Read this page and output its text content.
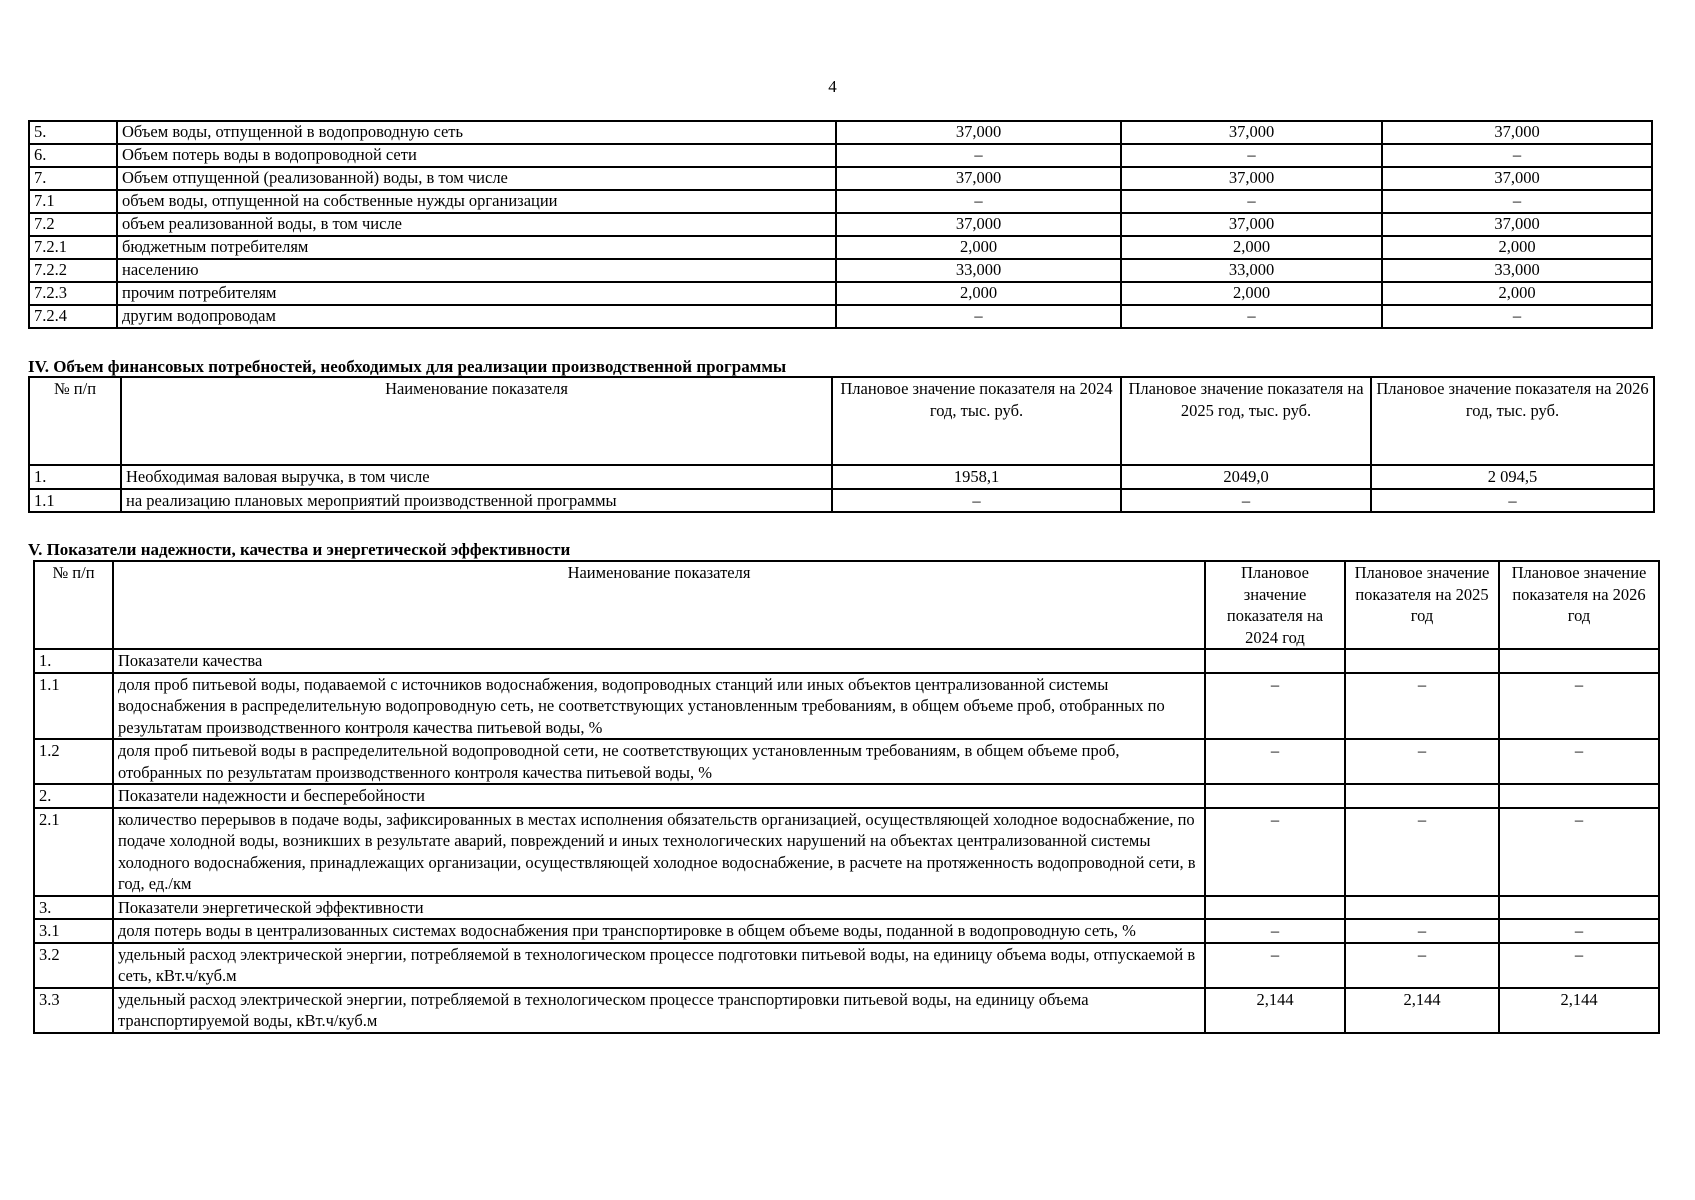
4
5.	Объем воды, отпущенной в водопроводную сеть	37,000	37,000	37,000
6.	Объем потерь воды в водопроводной сети	–	–	–
7.	Объем отпущенной (реализованной) воды, в том числе	37,000	37,000	37,000
7.1	объем воды, отпущенной на собственные нужды организации	–	–	–
7.2	объем реализованной воды, в том числе	37,000	37,000	37,000
7.2.1	бюджетным потребителям	2,000	2,000	2,000
7.2.2	населению	33,000	33,000	33,000
7.2.3	прочим потребителям	2,000	2,000	2,000
7.2.4	другим водопроводам	–	–	–
IV. Объем финансовых потребностей, необходимых для реализации производственной программы
№ п/п	Наименование показателя	Плановое значение показателя на 2024 год, тыс. руб.	Плановое значение показателя на 2025 год, тыс. руб.	Плановое значение показателя на 2026 год, тыс. руб.
1.	Необходимая валовая выручка, в том числе	1958,1	2049,0	2 094,5
1.1	на реализацию плановых мероприятий производственной программы	–	–	–
V. Показатели надежности, качества и энергетической эффективности
№ п/п	Наименование показателя	Плановое значение показателя на 2024 год	Плановое значение показателя на 2025 год	Плановое значение показателя на 2026 год
1.	Показатели качества			
1.1	доля проб питьевой воды, подаваемой с источников водоснабжения, водопроводных станций или иных объектов централизованной системы водоснабжения в распределительную водопроводную сеть, не соответствующих установленным требованиям, в общем объеме проб, отобранных по результатам производственного контроля качества питьевой воды, %	–	–	–
1.2	доля проб питьевой воды в распределительной водопроводной сети, не соответствующих установленным требованиям, в общем объеме проб, отобранных по результатам производственного контроля качества питьевой воды, %	–	–	–
2.	Показатели надежности и бесперебойности			
2.1	количество перерывов в подаче воды, зафиксированных в местах исполнения обязательств организацией, осуществляющей холодное водоснабжение, по подаче холодной воды, возникших в результате аварий, повреждений и иных технологических нарушений на объектах централизованной системы холодного водоснабжения, принадлежащих организации, осуществляющей холодное водоснабжение, в расчете на протяженность водопроводной сети, в год, ед./км	–	–	–
3.	Показатели энергетической эффективности			
3.1	доля потерь воды в централизованных системах водоснабжения при транспортировке в общем объеме воды, поданной в водопроводную сеть, %	–	–	–
3.2	удельный расход электрической энергии, потребляемой в технологическом процессе подготовки питьевой воды, на единицу объема воды, отпускаемой в сеть, кВт.ч/куб.м	–	–	–
3.3	удельный расход электрической энергии, потребляемой в технологическом процессе транспортировки питьевой воды, на единицу объема транспортируемой воды, кВт.ч/куб.м	2,144	2,144	2,144
